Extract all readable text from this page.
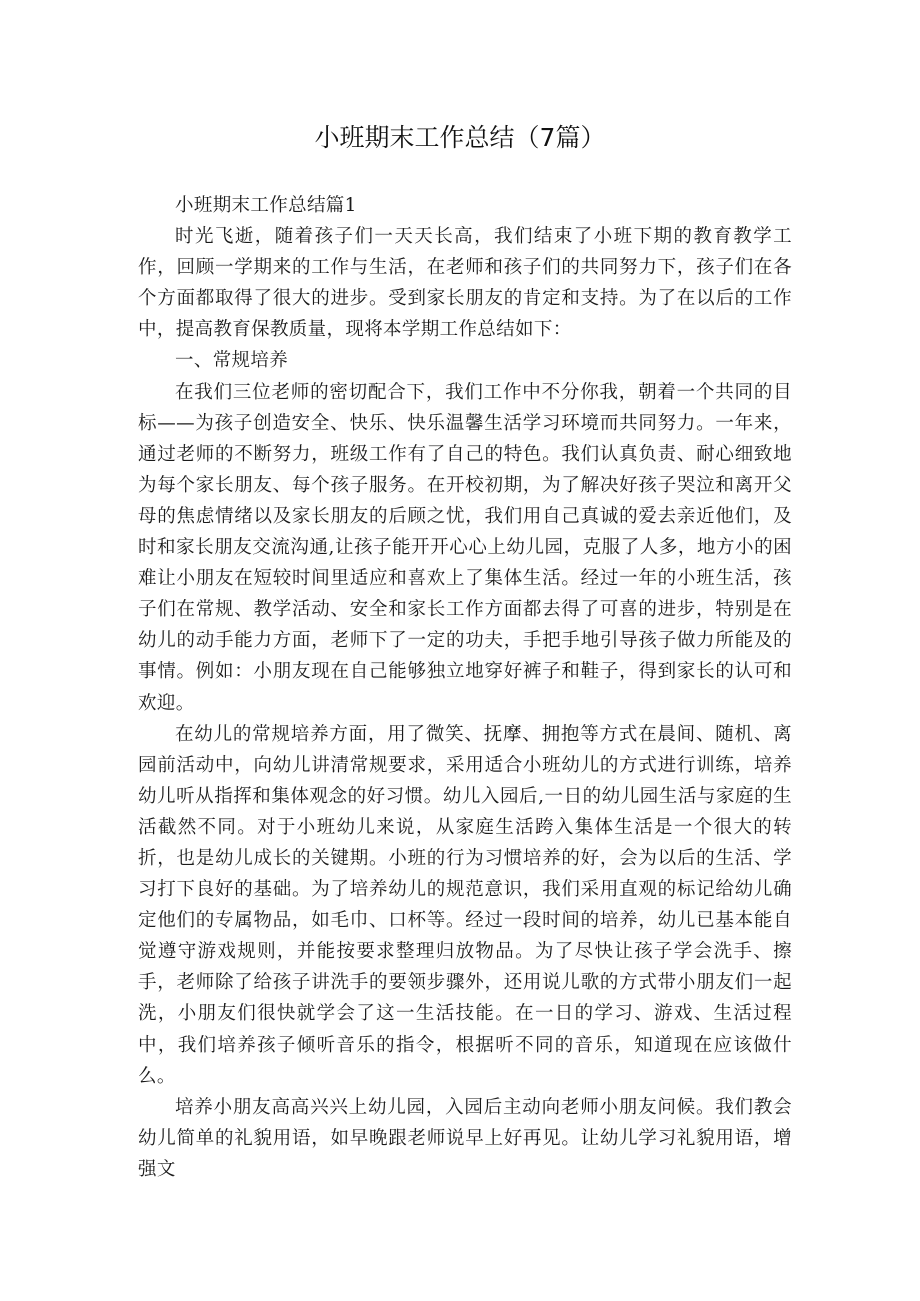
小班期末工作总结（7篇）

小班期末工作总结篇1

时光飞逝，随着孩子们一天天长高，我们结束了小班下期的教育教学工作，回顾一学期来的工作与生活，在老师和孩子们的共同努力下，孩子们在各个方面都取得了很大的进步。受到家长朋友的肯定和支持。为了在以后的工作中，提高教育保教质量，现将本学期工作总结如下：

一、常规培养

在我们三位老师的密切配合下，我们工作中不分你我，朝着一个共同的目标——为孩子创造安全、快乐、快乐温馨生活学习环境而共同努力。一年来，通过老师的不断努力，班级工作有了自己的特色。我们认真负责、耐心细致地为每个家长朋友、每个孩子服务。在开校初期，为了解决好孩子哭泣和离开父母的焦虑情绪以及家长朋友的后顾之忧，我们用自己真诚的爱去亲近他们，及时和家长朋友交流沟通,让孩子能开开心心上幼儿园，克服了人多，地方小的困难让小朋友在短较时间里适应和喜欢上了集体生活。经过一年的小班生活，孩子们在常规、教学活动、安全和家长工作方面都去得了可喜的进步，特别是在幼儿的动手能力方面，老师下了一定的功夫，手把手地引导孩子做力所能及的事情。例如：小朋友现在自己能够独立地穿好裤子和鞋子，得到家长的认可和欢迎。

在幼儿的常规培养方面，用了微笑、抚摩、拥抱等方式在晨间、随机、离园前活动中，向幼儿讲清常规要求，采用适合小班幼儿的方式进行训练，培养幼儿听从指挥和集体观念的好习惯。幼儿入园后,一日的幼儿园生活与家庭的生活截然不同。对于小班幼儿来说，从家庭生活跨入集体生活是一个很大的转折，也是幼儿成长的关键期。小班的行为习惯培养的好，会为以后的生活、学习打下良好的基础。为了培养幼儿的规范意识，我们采用直观的标记给幼儿确定他们的专属物品，如毛巾、口杯等。经过一段时间的培养，幼儿已基本能自觉遵守游戏规则，并能按要求整理归放物品。为了尽快让孩子学会洗手、擦手，老师除了给孩子讲洗手的要领步骤外，还用说儿歌的方式带小朋友们一起洗，小朋友们很快就学会了这一生活技能。在一日的学习、游戏、生活过程中，我们培养孩子倾听音乐的指令，根据听不同的音乐，知道现在应该做什么。

培养小朋友高高兴兴上幼儿园，入园后主动向老师小朋友问候。我们教会幼儿简单的礼貌用语，如早晚跟老师说早上好再见。让幼儿学习礼貌用语，增强文
